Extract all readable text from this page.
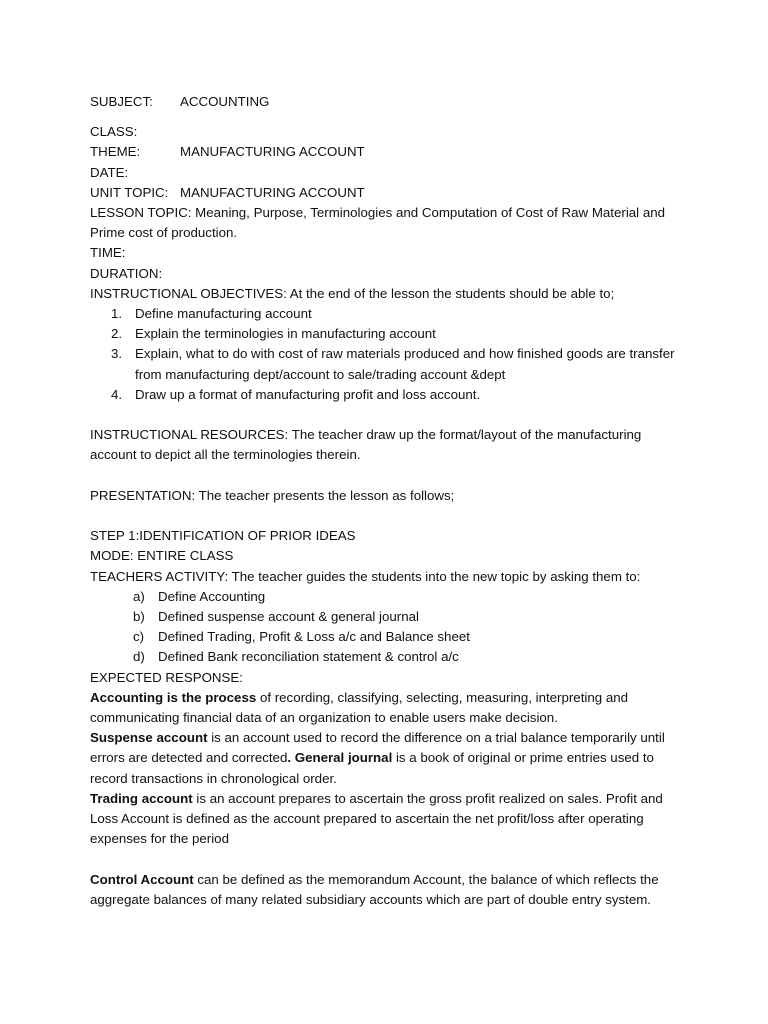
SUBJECT:	ACCOUNTING
CLASS:
THEME:	MANUFACTURING ACCOUNT
DATE:
UNIT TOPIC: MANUFACTURING ACCOUNT
LESSON TOPIC: Meaning, Purpose, Terminologies and Computation of Cost of Raw Material and Prime cost of production.
TIME:
DURATION:
INSTRUCTIONAL OBJECTIVES: At the end of the lesson the students should be able to;
1. Define manufacturing account
2. Explain the terminologies in manufacturing account
3. Explain, what to do with cost of raw materials produced and how finished goods are transfer from manufacturing dept/account to sale/trading account &dept
4. Draw up a format of manufacturing profit and loss account.
INSTRUCTIONAL RESOURCES: The teacher draw up the format/layout of the manufacturing account to depict all the terminologies therein.
PRESENTATION: The teacher presents the lesson as follows;
STEP 1:IDENTIFICATION OF PRIOR IDEAS
MODE: ENTIRE CLASS
TEACHERS ACTIVITY: The teacher guides the students into the new topic by asking them to:
a) Define Accounting
b) Defined suspense account & general journal
c)	Defined Trading, Profit & Loss a/c and Balance sheet
d) Defined Bank reconciliation statement & control a/c
EXPECTED RESPONSE:
Accounting is the process of recording, classifying, selecting, measuring, interpreting and communicating financial data of an organization to enable users make decision.
Suspense account is an account used to record the difference on a trial balance temporarily until errors are detected and corrected. General journal is a book of original or prime entries used to record transactions in chronological order.
Trading account is an account prepares to ascertain the gross profit realized on sales. Profit and Loss Account is defined as the account prepared to ascertain the net profit/loss after operating expenses for the period
Control Account can be defined as the memorandum Account, the balance of which reflects the aggregate balances of many related subsidiary accounts which are part of double entry system.
